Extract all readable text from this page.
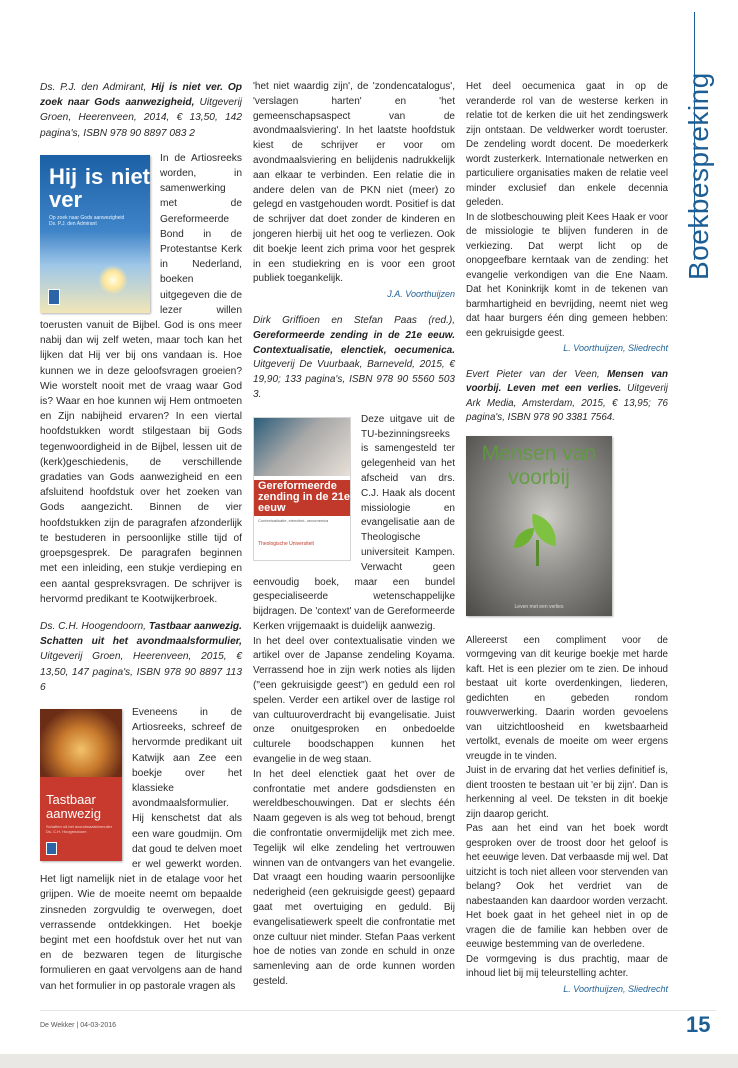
Ds. P.J. den Admirant, Hij is niet ver. Op zoek naar Gods aanwezigheid, Uitgeverij Groen, Heerenveen, 2014, € 13,50, 142 pagina's, ISBN 978 90 8897 083 2

Hij is niet ver
Op zoek naar Gods aanwezigheid
Ds. P.J. den Admirant

In de Artiosreeks worden, in samenwerking met de Gereformeerde Bond in de Protestantse Kerk in Nederland, boeken uitgegeven die de lezer willen toerusten vanuit de Bijbel. God is ons meer nabij dan wij zelf weten, maar toch kan het lijken dat Hij ver bij ons vandaan is. Hoe kunnen we in deze geloofsvragen groeien? Wie worstelt nooit met de vraag waar God is? Waar en hoe kunnen wij Hem ontmoeten en Zijn nabijheid ervaren? In een viertal hoofdstukken wordt stilgestaan bij Gods tegenwoordigheid in de Bijbel, lessen uit de (kerk)geschiedenis, de verschillende gradaties van Gods aanwezigheid en een afsluitend hoofdstuk over het zoeken van Gods aangezicht. Binnen de vier hoofdstukken zijn de paragrafen afzonderlijk te bestuderen in persoonlijke stille tijd of groepsgesprek. De paragrafen beginnen met een inleiding, een stukje verdieping en een aantal gespreksvragen. De schrijver is hervormd predikant te Kootwijkerbroek.

Ds. C.H. Hoogendoorn, Tastbaar aanwezig. Schatten uit het avondmaalsformulier, Uitgeverij Groen, Heerenveen, 2015, € 13,50, 147 pagina's, ISBN 978 90 8897 113 6

Tastbaar aanwezig
Schatten uit het avondmaalsformulier
Ds. C.H. Hoogendoorn

Eveneens in de Artiosreeks, schreef de hervormde predikant uit Katwijk aan Zee een boekje over het klassieke avondmaalsformulier. Hij kenschetst dat als een ware goudmijn. Om dat goud te delven moet er wel gewerkt worden. Het ligt namelijk niet in de etalage voor het grijpen. Wie de moeite neemt om bepaalde zinsneden zorgvuldig te overwegen, doet verrassende ontdekkingen. Het boekje begint met een hoofdstuk over het nut van en de bezwaren tegen de liturgische formulieren en gaat vervolgens aan de hand van het formulier in op pastorale vragen als

Het deel oecumenica gaat in op de veranderde rol van de westerse kerken in relatie tot de kerken die uit het zendingswerk zijn ontstaan. De veldwerker wordt toeruster. De zendeling wordt docent. De moederkerk wordt zusterkerk. Internationale netwerken en particuliere organisaties maken de relatie veel minder exclusief dan enkele decennia geleden.

In de slotbeschouwing pleit Kees Haak er voor de missiologie te blijven funderen in de verkiezing. Dat werpt licht op de onopgeefbare kerntaak van de zending: het evangelie verkondigen van die Ene Naam. Dat het Koninkrijk komt in de tekenen van barmhartigheid en bevrijding, neemt niet weg dat haar burgers één ding gemeen hebben: een gekruisigde geest.

L. Voorthuijzen, Sliedrecht

Evert Pieter van der Veen, Mensen van voorbij. Leven met een verlies. Uitgeverij Ark Media, Amsterdam, 2015, € 13,95; 76 pagina's, ISBN 978 90 3381 7564.

Mensen van voorbij
Leven met een verlies

Allereerst een compliment voor de vormgeving van dit keurige boekje met harde kaft. Het is een plezier om te zien. De inhoud bestaat uit korte overdenkingen, liederen, gedichten en gebeden rondom rouwverwerking. Daarin worden gevoelens van uitzichtloosheid en kwetsbaarheid vertolkt, evenals de moeite om weer ergens vreugde in te vinden.

Juist in de ervaring dat het verlies definitief is, dient troosten te bestaan uit 'er bij zijn'. Dan is herkenning al veel. De teksten in dit boekje zijn daarop gericht.

Pas aan het eind van het boek wordt gesproken over de troost door het geloof is het eeuwige leven. Dat verbaasde mij wel. Dat uitzicht is toch niet alleen voor stervenden van belang? Ook het verdriet van de nabestaanden kan daardoor worden verzacht. Het boek gaat in het geheel niet in op de vragen die de familie kan hebben over de eeuwige bestemming van de overledene.

De vormgeving is dus prachtig, maar de inhoud liet bij mij teleurstelling achter.

L. Voorthuijzen, Sliedrecht

'het niet waardig zijn', de 'zondencatalogus', 'verslagen harten' en 'het gemeenschapsaspect van de avondmaalsviering'. In het laatste hoofdstuk kiest de schrijver er voor om avondmaalsviering en belijdenis nadrukkelijk aan elkaar te verbinden. Een relatie die in andere delen van de PKN niet (meer) zo gelegd en vastgehouden wordt. Positief is dat de schrijver dat doet zonder de kinderen en jongeren hierbij uit het oog te verliezen. Ook dit boekje leent zich prima voor het gesprek in een studiekring en is voor een groot publiek toegankelijk.

J.A. Voorthuijzen

Dirk Griffioen en Stefan Paas (red.), Gereformeerde zending in de 21e eeuw. Contextualisatie, elenctiek, oecumenica. Uitgeverij De Vuurbaak, Barneveld, 2015, € 19,90; 133 pagina's, ISBN 978 90 5560 503 3.

Gereformeerde zending in de 21e eeuw
Contextualisatie, elenctiek, oecumenica
Theologische Universiteit

Deze uitgave uit de TU-bezinningsreeks is samengesteld ter gelegenheid van het afscheid van drs. C.J. Haak als docent missiologie en evangelisatie aan de Theologische universiteit Kampen. Verwacht geen eenvoudig boek, maar een bundel gespecialiseerde wetenschappelijke bijdragen. De 'context' van de Gereformeerde Kerken vrijgemaakt is duidelijk aanwezig.

In het deel over contextualisatie vinden we artikel over de Japanse zendeling Koyama. Verrassend hoe in zijn werk noties als lijden ("een gekruisigde geest") en geduld een rol spelen. Verder een artikel over de lastige rol van cultuuroverdracht bij evangelisatie. Juist onze onuitgesproken en onbedoelde culturele boodschappen kunnen het evangelie in de weg staan.

In het deel elenctiek gaat het over de confrontatie met andere godsdiensten en wereldbeschouwingen. Dat er slechts één Naam gegeven is als weg tot behoud, brengt die confrontatie onvermijdelijk met zich mee. Tegelijk wil elke zendeling het vertrouwen winnen van de ontvangers van het evangelie. Dat vraagt een houding waarin persoonlijke nederigheid (een gekruisigde geest) gepaard gaat met overtuiging en geduld. Bij evangelisatiewerk speelt die confrontatie met onze cultuur niet minder. Stefan Paas verkent hoe de noties van zonde en schuld in onze samenleving aan de orde kunnen worden gesteld.

Boekbespreking
De Wekker | 04-03-2016	15
